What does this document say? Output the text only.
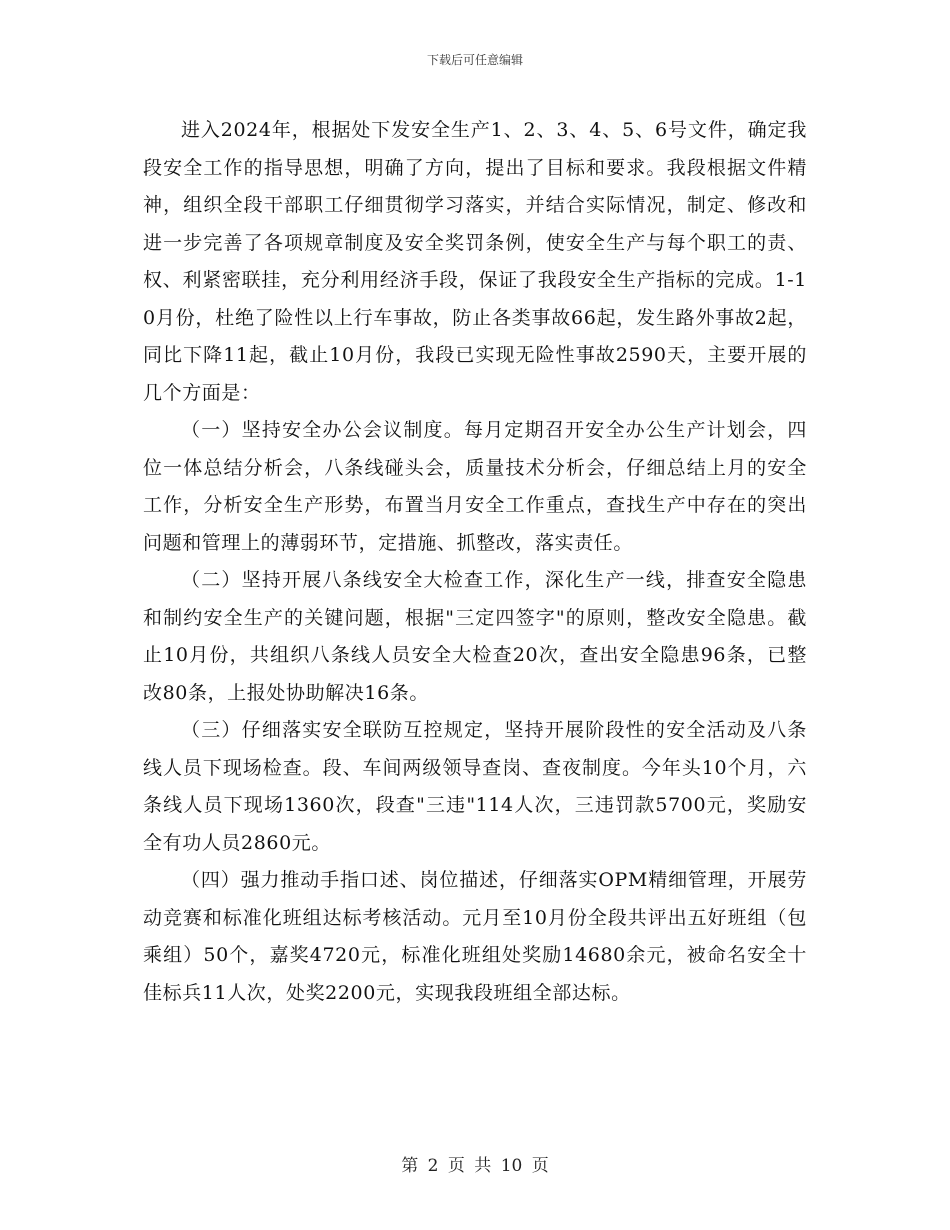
下载后可任意编辑

进入2024年，根据处下发安全生产1、2、3、4、5、6号文件，确定我段安全工作的指导思想，明确了方向，提出了目标和要求。我段根据文件精神，组织全段干部职工仔细贯彻学习落实，并结合实际情况，制定、修改和进一步完善了各项规章制度及安全奖罚条例，使安全生产与每个职工的责、权、利紧密联挂，充分利用经济手段，保证了我段安全生产指标的完成。1-10月份，杜绝了险性以上行车事故，防止各类事故66起，发生路外事故2起，同比下降11起，截止10月份，我段已实现无险性事故2590天，主要开展的几个方面是：

（一）坚持安全办公会议制度。每月定期召开安全办公生产计划会，四位一体总结分析会，八条线碰头会，质量技术分析会，仔细总结上月的安全工作，分析安全生产形势，布置当月安全工作重点，查找生产中存在的突出问题和管理上的薄弱环节，定措施、抓整改，落实责任。

（二）坚持开展八条线安全大检查工作，深化生产一线，排查安全隐患和制约安全生产的关键问题，根据"三定四签字"的原则，整改安全隐患。截止10月份，共组织八条线人员安全大检查20次，查出安全隐患96条，已整改80条，上报处协助解决16条。

（三）仔细落实安全联防互控规定，坚持开展阶段性的安全活动及八条线人员下现场检查。段、车间两级领导查岗、查夜制度。今年头10个月，六条线人员下现场1360次，段查"三违"114人次，三违罚款5700元，奖励安全有功人员2860元。

（四）强力推动手指口述、岗位描述，仔细落实OPM精细管理，开展劳动竞赛和标准化班组达标考核活动。元月至10月份全段共评出五好班组（包乘组）50个，嘉奖4720元，标准化班组处奖励14680余元，被命名安全十佳标兵11人次，处奖2200元，实现我段班组全部达标。

第 2 页 共 10 页
